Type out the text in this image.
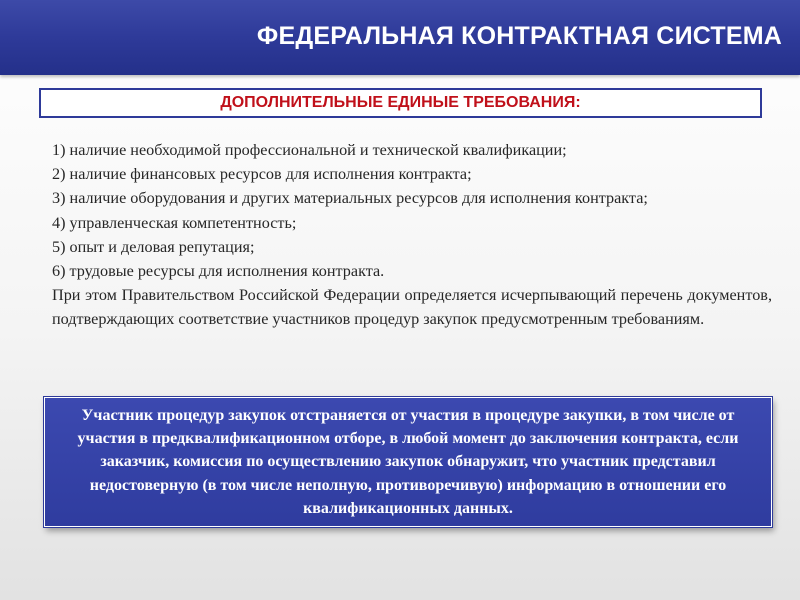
ФЕДЕРАЛЬНАЯ КОНТРАКТНАЯ СИСТЕМА
ДОПОЛНИТЕЛЬНЫЕ ЕДИНЫЕ ТРЕБОВАНИЯ:
1) наличие необходимой профессиональной и технической квалификации;
2) наличие финансовых ресурсов для исполнения контракта;
3) наличие оборудования и других материальных ресурсов для исполнения контракта;
4) управленческая компетентность;
5) опыт и деловая репутация;
6) трудовые ресурсы для исполнения контракта.
При этом Правительством Российской Федерации определяется исчерпывающий перечень документов, подтверждающих соответствие участников процедур закупок предусмотренным требованиям.

Участник процедур закупок отстраняется от участия в процедуре закупки, в том числе от участия в предквалификационном отборе, в любой момент до заключения контракта, если заказчик, комиссия по осуществлению закупок обнаружит, что участник представил недостоверную (в том числе неполную, противоречивую) информацию в отношении его квалификационных данных.
